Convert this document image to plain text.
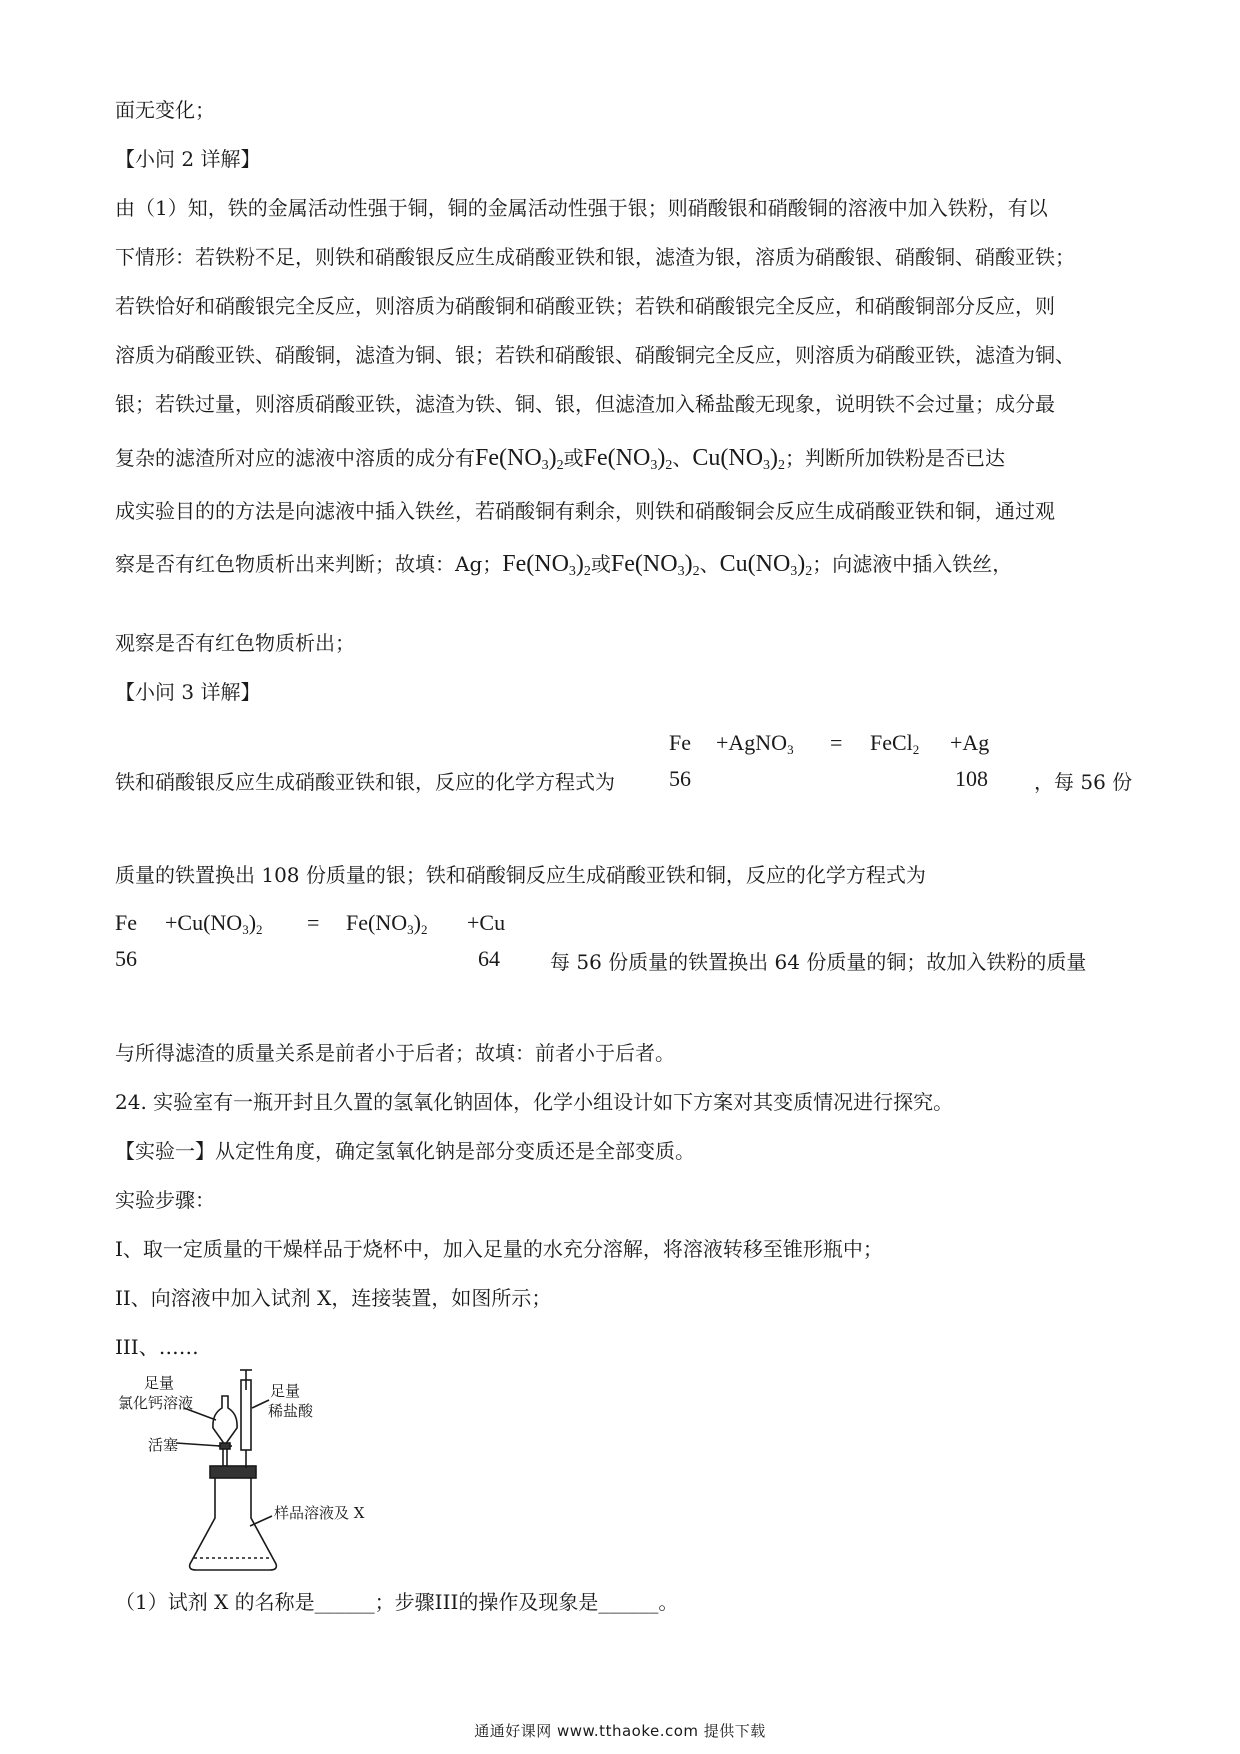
面无变化；
【小问 2 详解】
由（1）知，铁的金属活动性强于铜，铜的金属活动性强于银；则硝酸银和硝酸铜的溶液中加入铁粉，有以
下情形：若铁粉不足，则铁和硝酸银反应生成硝酸亚铁和银，滤渣为银，溶质为硝酸银、硝酸铜、硝酸亚铁；
若铁恰好和硝酸银完全反应，则溶质为硝酸铜和硝酸亚铁；若铁和硝酸银完全反应，和硝酸铜部分反应，则
溶质为硝酸亚铁、硝酸铜，滤渣为铜、银；若铁和硝酸银、硝酸铜完全反应，则溶质为硝酸亚铁，滤渣为铜、
银；若铁过量，则溶质硝酸亚铁，滤渣为铁、铜、银，但滤渣加入稀盐酸无现象，说明铁不会过量；成分最
复杂的滤渣所对应的滤液中溶质的成分有$Fe(NO_3)_2$或$Fe(NO_3)_2$、$Cu(NO_3)_2$；判断所加铁粉是否已达
成实验目的的方法是向滤液中插入铁丝，若硝酸铜有剩余，则铁和硝酸铜会反应生成硝酸亚铁和铜，通过观
察是否有红色物质析出来判断；故填：Ag；$Fe(NO_3)_2$或$Fe(NO_3)_2$、$Cu(NO_3)_2$；向滤液中插入铁丝，
观察是否有红色物质析出；
【小问 3 详解】
Fe +AgNO$_3$ = FeCl$_2$ +Ag
铁和硝酸银反应生成硝酸亚铁和银，反应的化学方程式为	56	108 ，每 56 份
质量的铁置换出 108 份质量的银；铁和硝酸铜反应生成硝酸亚铁和铜，反应的化学方程式为
$Fe +Cu(NO_3)_2 = Fe(NO_3)_2 +Cu$
56	64	每 56 份质量的铁置换出 64 份质量的铜；故加入铁粉的质量
与所得滤渣的质量关系是前者小于后者；故填：前者小于后者。
24. 实验室有一瓶开封且久置的氢氧化钠固体，化学小组设计如下方案对其变质情况进行探究。
【实验一】从定性角度，确定氢氧化钠是部分变质还是全部变质。
实验步骤：
I、取一定质量的干燥样品于烧杯中，加入足量的水充分溶解，将溶液转移至锥形瓶中；
II、向溶液中加入试剂 X，连接装置，如图所示；
III、……
足量
氯化钙溶液
活塞
足量
稀盐酸
样品溶液及 X
（1）试剂 X 的名称是______；步骤III的操作及现象是______。
通通好课网 www.tthaoke.com 提供下载
